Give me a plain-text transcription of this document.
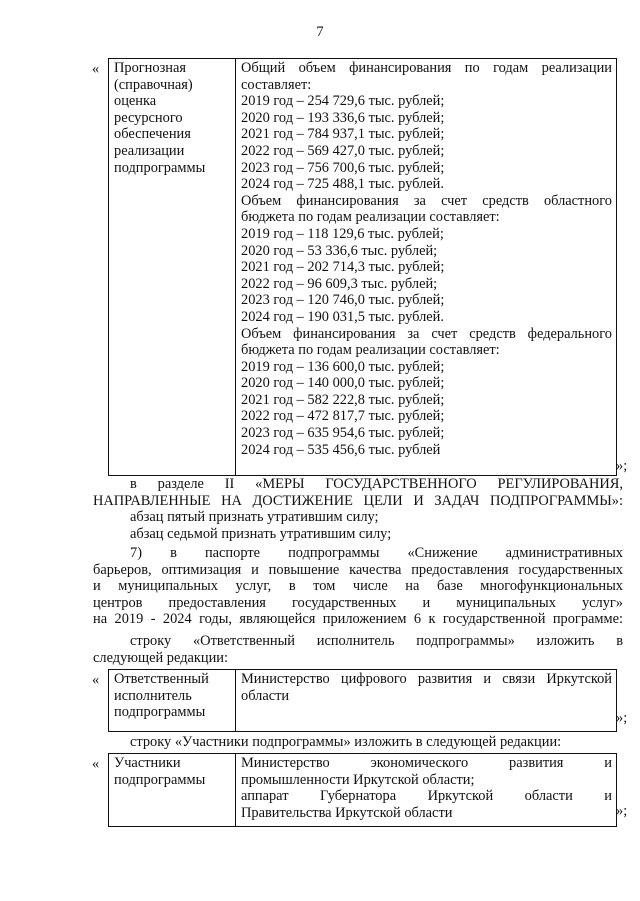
7
« Прогнозная
(справочная)
оценка
ресурсного
обеспечения
реализации
подпрограммы

Общий объем финансирования по годам реализации
составляет:
2019 год – 254 729,6 тыс. рублей;
2020 год – 193 336,6 тыс. рублей;
2021 год – 784 937,1 тыс. рублей;
2022 год – 569 427,0 тыс. рублей;
2023 год – 756 700,6 тыс. рублей;
2024 год – 725 488,1 тыс. рублей.
Объем финансирования за счет средств областного
бюджета по годам реализации составляет:
2019 год – 118 129,6 тыс. рублей;
2020 год – 53 336,6 тыс. рублей;
2021 год – 202 714,3 тыс. рублей;
2022 год – 96 609,3 тыс. рублей;
2023 год – 120 746,0 тыс. рублей;
2024 год – 190 031,5 тыс. рублей.
Объем финансирования за счет средств федерального
бюджета по годам реализации составляет:
2019 год – 136 600,0 тыс. рублей;
2020 год – 140 000,0 тыс. рублей;
2021 год – 582 222,8 тыс. рублей;
2022 год – 472 817,7 тыс. рублей;
2023 год – 635 954,6 тыс. рублей;
2024 год – 535 456,6 тыс. рублей
»;
в разделе II «МЕРЫ ГОСУДАРСТВЕННОГО РЕГУЛИРОВАНИЯ,
НАПРАВЛЕННЫЕ НА ДОСТИЖЕНИЕ ЦЕЛИ И ЗАДАЧ ПОДПРОГРАММЫ»:
абзац пятый признать утратившим силу;
абзац седьмой признать утратившим силу;
7) в паспорте подпрограммы «Снижение административных
барьеров, оптимизация и повышение качества предоставления государственных
и муниципальных услуг, в том числе на базе многофункциональных
центров предоставления государственных и муниципальных услуг»
на 2019 - 2024 годы, являющейся приложением 6 к государственной программе:
строку «Ответственный исполнитель подпрограммы» изложить в
следующей редакции:
« Ответственный
исполнитель
подпрограммы

Министерство цифрового развития и связи Иркутской
области
»;
строку «Участники подпрограммы» изложить в следующей редакции:
« Участники
подпрограммы

Министерство экономического развития и
промышленности Иркутской области;
аппарат Губернатора Иркутской области и
Правительства Иркутской области	»;
